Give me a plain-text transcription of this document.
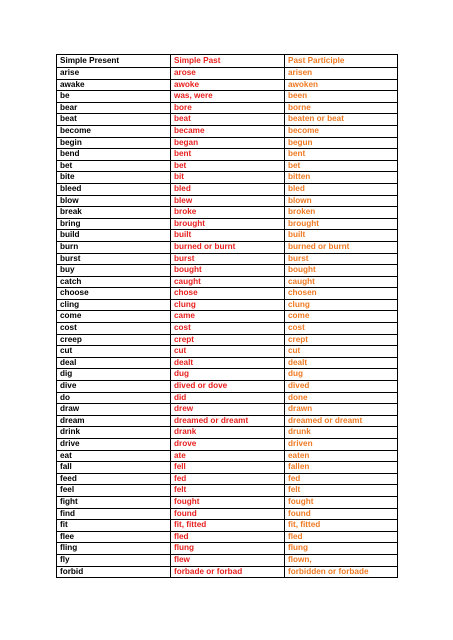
Simple Present	Simple Past	Past Participle
arise	arose	arisen
awake	awoke	awoken
be	was, were	been
bear	bore	borne
beat	beat	beaten or beat
become	became	become
begin	began	begun
bend	bent	bent
bet	bet	bet
bite	bit	bitten
bleed	bled	bled
blow	blew	blown
break	broke	broken
bring	brought	brought
build	built	built
burn	burned or burnt	burned or burnt
burst	burst	burst
buy	bought	bought
catch	caught	caught
choose	chose	chosen
cling	clung	clung
come	came	come
cost	cost	cost
creep	crept	crept
cut	cut	cut
deal	dealt	dealt
dig	dug	dug
dive	dived or dove	dived
do	did	done
draw	drew	drawn
dream	dreamed or dreamt	dreamed or dreamt
drink	drank	drunk
drive	drove	driven
eat	ate	eaten
fall	fell	fallen
feed	fed	fed
feel	felt	felt
fight	fought	fought
find	found	found
fit	fit, fitted	fit, fitted
flee	fled	fled
fling	flung	flung
fly	flew	flown,
forbid	forbade or forbad	forbidden or forbade
